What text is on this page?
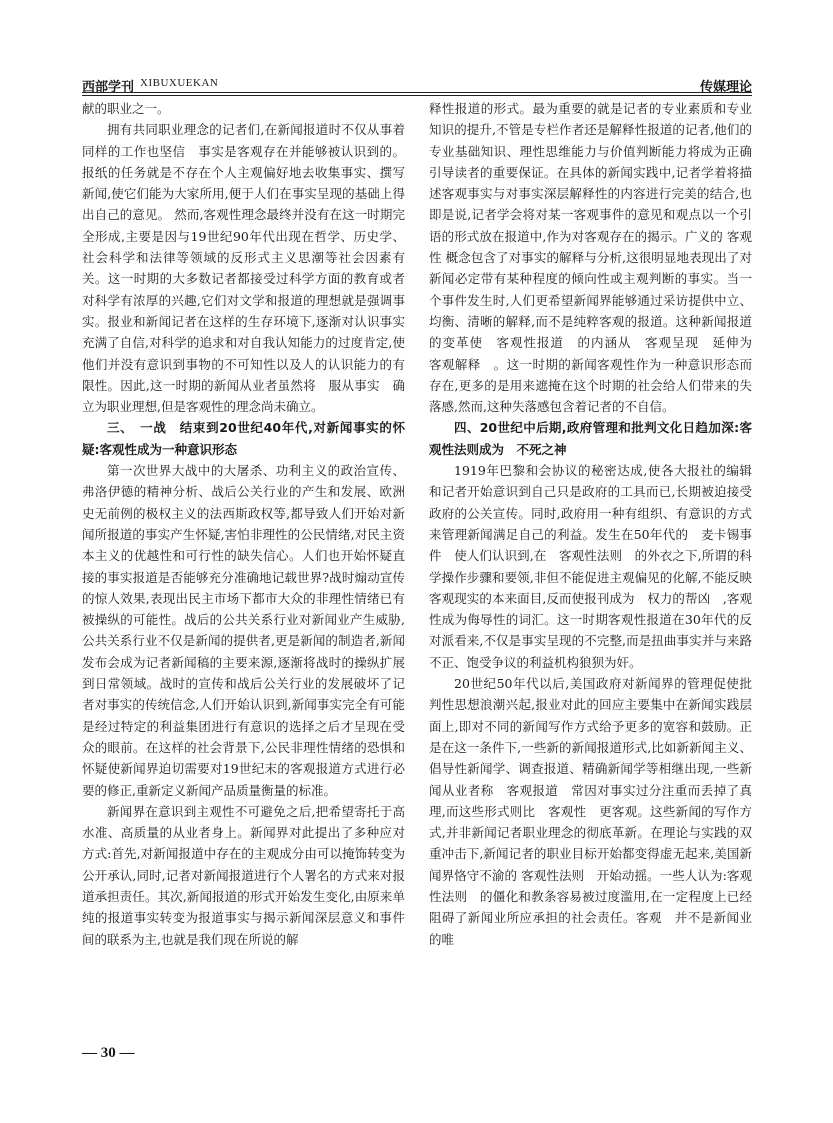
西部学刊 XIBUXUEKAN	传媒理论

献的职业之一。

拥有共同职业理念的记者们,在新闻报道时不仅从事着同样的工作也坚信　事实是客观存在并能够被认识到的。报纸的任务就是不存在个人主观偏好地去收集事实、撰写新闻,使它们能为大家所用,便于人们在事实呈现的基础上得出自己的意见。 然而,客观性理念最终并没有在这一时期完全形成,主要是因与19世纪90年代出现在哲学、历史学、社会科学和法律等领域的反形式主义思潮等社会因素有关。这一时期的大多数记者都接受过科学方面的教育或者对科学有浓厚的兴趣,它们对文学和报道的理想就是强调事实。报业和新闻记者在这样的生存环境下,逐渐对认识事实充满了自信,对科学的追求和对自我认知能力的过度肯定,使他们并没有意识到事物的不可知性以及人的认识能力的有限性。因此,这一时期的新闻从业者虽然将　服从事实　确立为职业理想,但是客观性的理念尚未确立。

三、　一战　结束到20世纪40年代,对新闻事实的怀疑:客观性成为一种意识形态

第一次世界大战中的大屠杀、功利主义的政治宣传、弗洛伊德的精神分析、战后公关行业的产生和发展、欧洲史无前例的极权主义的法西斯政权等,都导致人们开始对新闻所报道的事实产生怀疑,害怕非理性的公民情绪,对民主资本主义的优越性和可行性的缺失信心。人们也开始怀疑直接的事实报道是否能够充分准确地记载世界?战时煽动宣传的惊人效果,表现出民主市场下都市大众的非理性情绪已有被操纵的可能性。战后的公共关系行业对新闻业产生威胁,公共关系行业不仅是新闻的提供者,更是新闻的制造者,新闻发布会成为记者新闻稿的主要来源,逐渐将战时的操纵扩展到日常领域。战时的宣传和战后公关行业的发展破坏了记者对事实的传统信念,人们开始认识到,新闻事实完全有可能是经过特定的利益集团进行有意识的选择之后才呈现在受众的眼前。在这样的社会背景下,公民非理性情绪的恐惧和怀疑使新闻界迫切需要对19世纪末的客观报道方式进行必要的修正,重新定义新闻产品质量衡量的标准。

新闻界在意识到主观性不可避免之后,把希望寄托于高水准、高质量的从业者身上。新闻界对此提出了多种应对方式:首先,对新闻报道中存在的主观成分由可以掩饰转变为公开承认,同时,记者对新闻报道进行个人署名的方式来对报道承担责任。其次,新闻报道的形式开始发生变化,由原来单纯的报道事实转变为报道事实与揭示新闻深层意义和事件间的联系为主,也就是我们现在所说的解

释性报道的形式。最为重要的就是记者的专业素质和专业知识的提升,不管是专栏作者还是解释性报道的记者,他们的专业基础知识、理性思维能力与价值判断能力将成为正确引导读者的重要保证。在具体的新闻实践中,记者学着将描述客观事实与对事实深层解释性的内容进行完美的结合,也即是说,记者学会将对某一客观事件的意见和观点以一个引语的形式放在报道中,作为对客观存在的揭示。广义的 客观性 概念包含了对事实的解释与分析,这很明显地表现出了对新闻必定带有某种程度的倾向性或主观判断的事实。当一个事件发生时,人们更希望新闻界能够通过采访提供中立、均衡、清晰的解释,而不是纯粹客观的报道。这种新闻报道的变革使　客观性报道　的内涵从　客观呈现　延伸为　客观解释　。这一时期的新闻客观性作为一种意识形态而存在,更多的是用来遮掩在这个时期的社会给人们带来的失落感,然而,这种失落感包含着记者的不自信。

四、20世纪中后期,政府管理和批判文化日趋加深:客观性法则成为　不死之神

1919年巴黎和会协议的秘密达成,使各大报社的编辑和记者开始意识到自己只是政府的工具而已,长期被迫接受政府的公关宣传。同时,政府用一种有组织、有意识的方式来管理新闻满足自己的利益。发生在50年代的　麦卡锡事件　使人们认识到,在　客观性法则　的外衣之下,所谓的科学操作步骤和要领,非但不能促进主观偏见的化解,不能反映客观现实的本来面目,反而使报刊成为　权力的帮凶　,客观性成为侮辱性的词汇。这一时期客观性报道在30年代的反对派看来,不仅是事实呈现的不完整,而是扭曲事实并与来路不正、饱受争议的利益机构狼狈为奸。

20世纪50年代以后,美国政府对新闻界的管理促使批判性思想浪潮兴起,报业对此的回应主要集中在新闻实践层面上,即对不同的新闻写作方式给予更多的宽容和鼓励。正是在这一条件下,一些新的新闻报道形式,比如新新闻主义、倡导性新闻学、调查报道、精确新闻学等相继出现,一些新闻从业者称　客观报道　常因对事实过分注重而丢掉了真理,而这些形式则比　客观性　更客观。这些新闻的写作方式,并非新闻记者职业理念的彻底革新。在理论与实践的双重冲击下,新闻记者的职业目标开始都变得虚无起来,美国新闻界恪守不渝的 客观性法则　开始动摇。一些人认为:客观性法则　的僵化和教条容易被过度滥用,在一定程度上已经阻碍了新闻业所应承担的社会责任。客观　并不是新闻业的唯

— 30 —
